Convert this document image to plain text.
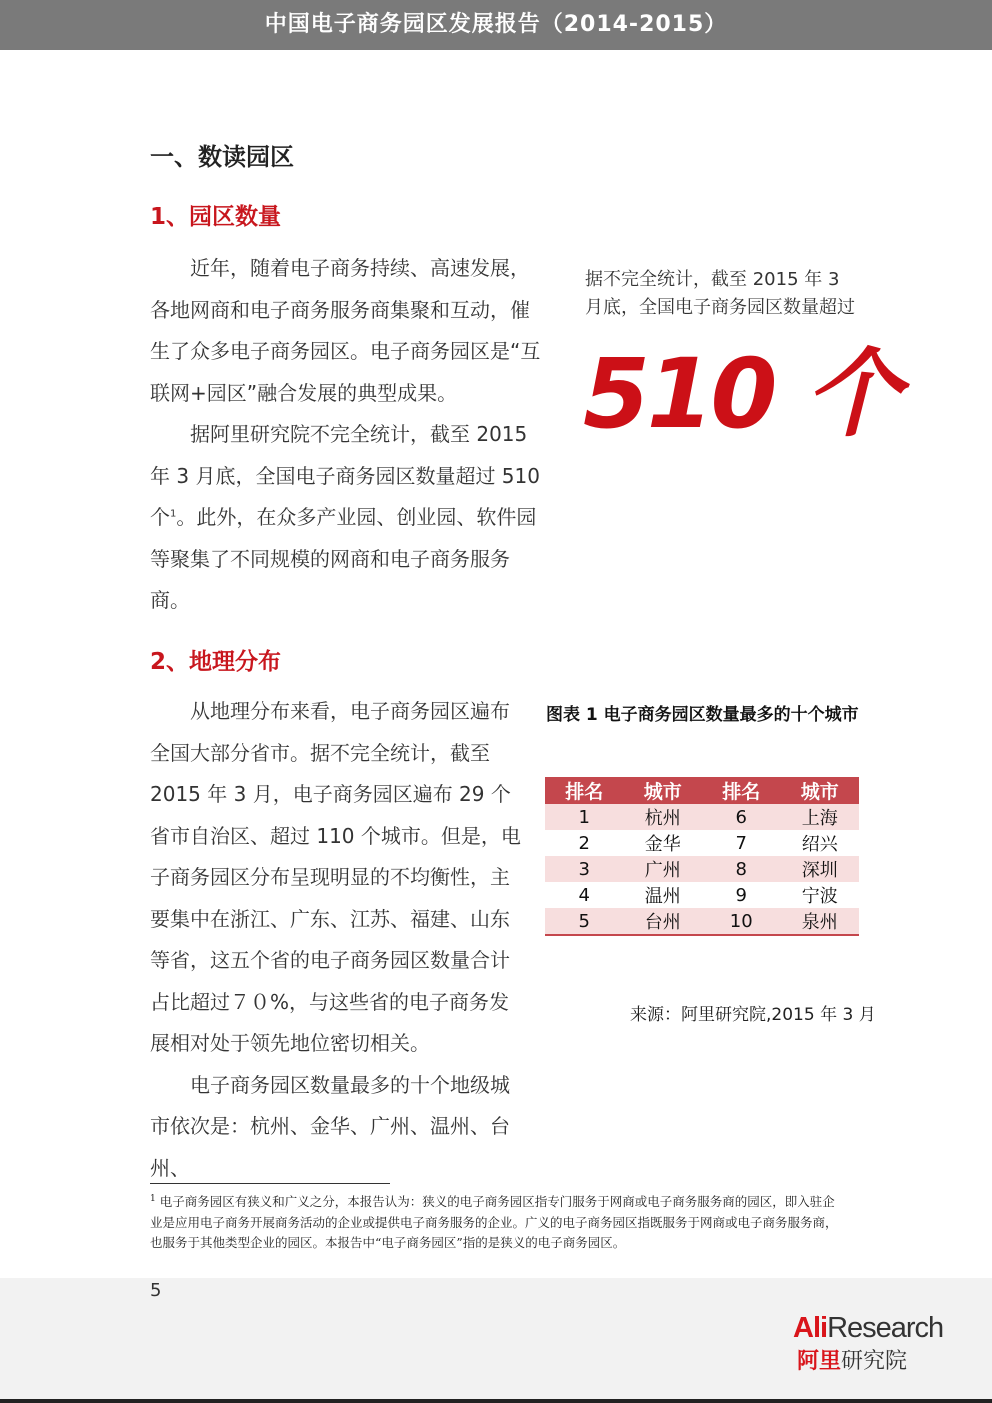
中国电子商务园区发展报告（2014-2015）
一、数读园区
1、园区数量

近年，随着电子商务持续、高速发展，各地网商和电子商务服务商集聚和互动，催生了众多电子商务园区。电子商务园区是“互联网+园区”融合发展的典型成果。

据阿里研究院不完全统计，截至 2015 年 3 月底，全国电子商务园区数量超过 510 个$^1$。此外，在众多产业园、创业园、软件园等聚集了不同规模的网商和电子商务服务商。

据不完全统计，截至 2015 年 3 月底，全国电子商务园区数量超过
510 个
2、地理分布

从地理分布来看，电子商务园区遍布全国大部分省市。据不完全统计，截至 2015 年 3 月，电子商务园区遍布 29 个省市自治区、超过 110 个城市。但是，电子商务园区分布呈现明显的不均衡性，主要集中在浙江、广东、江苏、福建、山东等省，这五个省的电子商务园区数量合计占比超过７０%，与这些省的电子商务发展相对处于领先地位密切相关。

电子商务园区数量最多的十个地级城市依次是：杭州、金华、广州、温州、台州、

图表 1 电子商务园区数量最多的十个城市
排名	城市	排名	城市
1	杭州	6	上海
2	金华	7	绍兴
3	广州	8	深圳
4	温州	9	宁波
5	台州	10	泉州
来源：阿里研究院,2015 年 3 月
$^1$ 电子商务园区有狭义和广义之分，本报告认为：狭义的电子商务园区指专门服务于网商或电子商务服务商的园区，即入驻企业是应用电子商务开展商务活动的企业或提供电子商务服务的企业。广义的电子商务园区指既服务于网商或电子商务服务商，也服务于其他类型企业的园区。本报告中“电子商务园区”指的是狭义的电子商务园区。
5
AliResearch
阿里研究院
